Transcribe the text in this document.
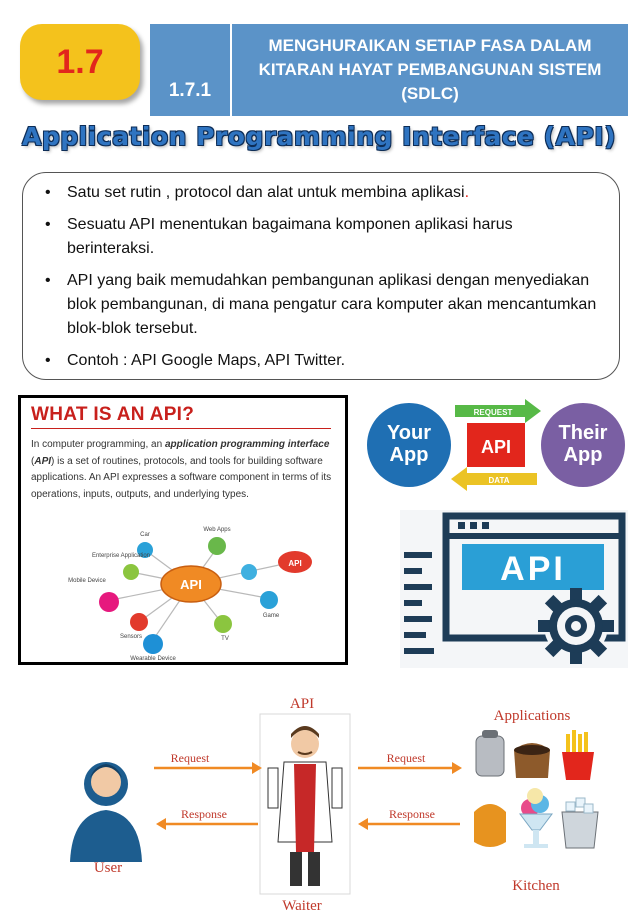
1.7
1.7.1
MENGHURAIKAN SETIAP FASA DALAM KITARAN HAYAT PEMBANGUNAN SISTEM (SDLC)
Application Programming Interface (API)
• Satu set rutin , protocol dan alat untuk membina aplikasi.
• Sesuatu API menentukan bagaimana komponen aplikasi harus berinteraksi.
• API yang baik memudahkan pembangunan aplikasi dengan menyediakan blok pembangunan, di mana pengatur cara komputer akan mencantumkan blok-blok tersebut.
• Contoh : API Google Maps, API Twitter.
WHAT IS AN API?

In computer programming, an application programming interface (API) is a set of routines, protocols, and tools for building software applications. An API expresses a software component in terms of its operations, inputs, outputs, and underlying types.

API
API
Car
Web Apps
Enterprise Application
Mobile Device
Sensors
Wearable Device
TV
Game
Your
App
Their
App
REQUEST
DATA
API
API
API
Waiter
User
Request
Response
Request
Response
Applications
Kitchen
